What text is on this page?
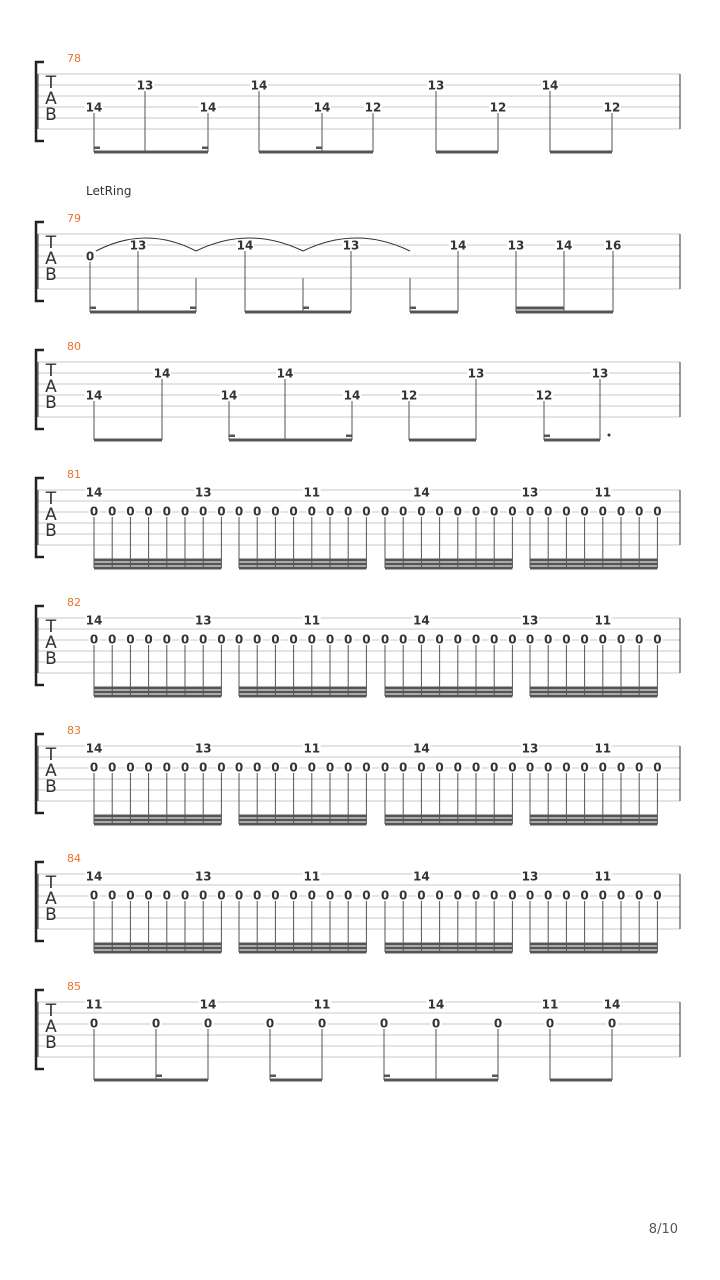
T
A
B
78
14
13
14
14
14	12
13
12
14
12
T
A
B
79
LetRing
0
13	14	13	14	13	14	16
T
A
B
80
14
14
14
14
14	12
13
12
13
T
A
B
81
0 0 0 0 0 0 0 0 0 0 0 0 0 0 0 0 0 0 0 0 0 0 0 0 0 0 0 0 0 0 0 0
14	13	11	14	13	11
T
A
B
82
0 0 0 0 0 0 0 0 0 0 0 0 0 0 0 0 0 0 0 0 0 0 0 0 0 0 0 0 0 0 0 0
14	13	11	14	13	11
T
A
B
83
0 0 0 0 0 0 0 0 0 0 0 0 0 0 0 0 0 0 0 0 0 0 0 0 0 0 0 0 0 0 0 0
14	13	11	14	13	11
T
A
B
84
0 0 0 0 0 0 0 0 0 0 0 0 0 0 0 0 0 0 0 0 0 0 0 0 0 0 0 0 0 0 0 0
14	13	11	14	13	11
T
A
B
85
0	0	0	0	0	0	0	0	0	0
11	14	11	14	11	14
8/10
